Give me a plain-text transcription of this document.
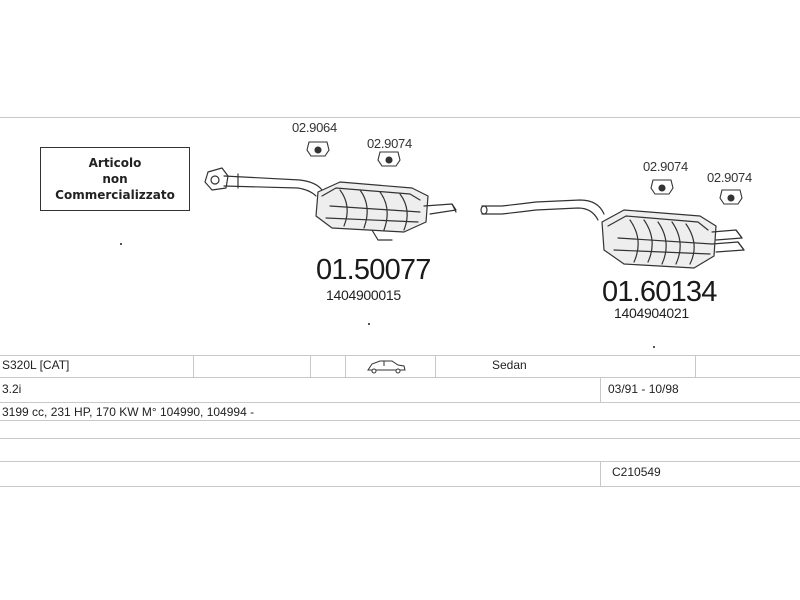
Articolo
non
Commercializzato
02.9064
02.9074
02.9074
02.9074
01.50077
1404900015	01.60134
1404904021
S320L [CAT]	Sedan
3.2i	03/91 - 10/98
3199 cc, 231 HP, 170 KW M° 104990, 104994 -
C210549
